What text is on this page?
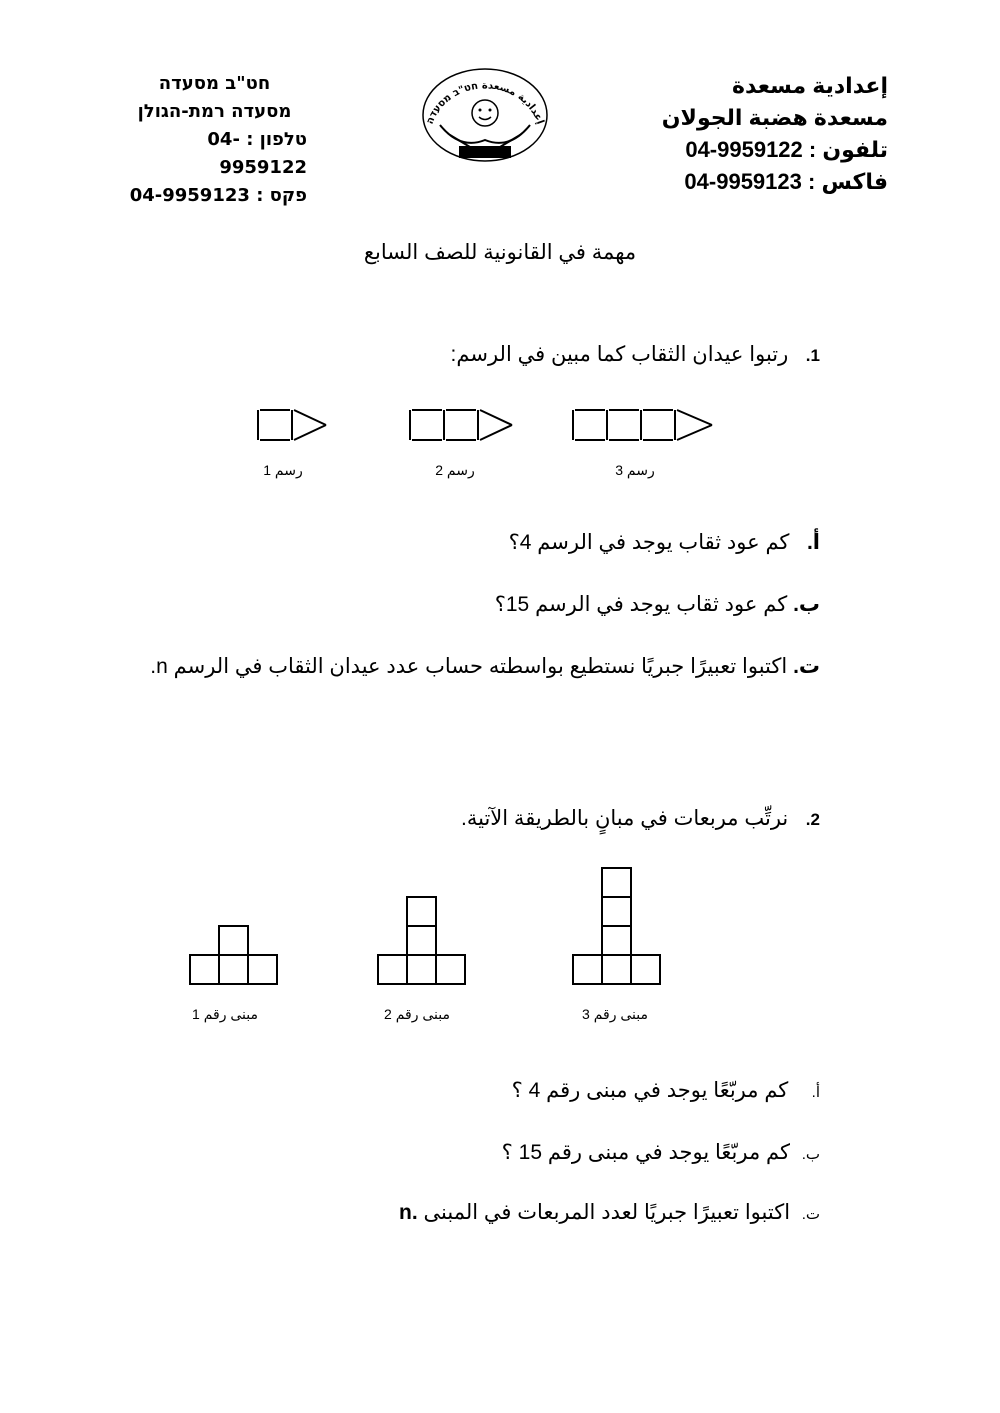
إعدادية مسعدة
مسعدة هضبة الجولان
تلفون : 04-9959122
فاكس : 04-9959123
חט"ב מסעדה
מסעדה רמת-הגולן
טלפון : 04-9959122
פקס : 04-9959123
إعدادية مسعدة חט"ב מסעדה
مهمة في القانونية للصف السابع
1.   رتبوا عيدان الثقاب كما مبين في الرسم:
رسم 1	رسم 2	رسم 3
أ.   كم عود ثقاب يوجد في الرسم 4؟
ب. كم عود ثقاب يوجد في الرسم 15؟
ت. اكتبوا تعبيرًا جبريًا نستطيع بواسطته حساب عدد عيدان الثقاب في الرسم n.
2.   نرتِّب مربعات في مبانٍ بالطريقة الآتية.
مبنى رقم 1	مبنى رقم 2	مبنى رقم 3
أ.    كم مربّعًا يوجد في مبنى رقم 4 ؟
ب.  كم مربّعًا يوجد في مبنى رقم 15 ؟
ت.  اكتبوا تعبيرًا جبريًا لعدد المربعات في المبنى n.
